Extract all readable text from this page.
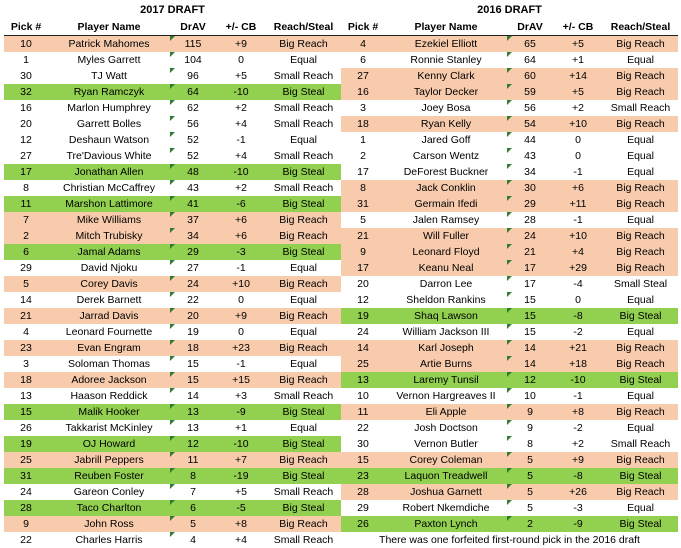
2017 DRAFT
Pick #	Player Name	DrAV	+/- CB	Reach/Steal
10	Patrick Mahomes	115	+9	Big Reach
1	Myles Garrett	104	0	Equal
30	TJ Watt	96	+5	Small Reach
32	Ryan Ramczyk	64	-10	Big Steal
16	Marlon Humphrey	62	+2	Small Reach
20	Garrett Bolles	56	+4	Small Reach
12	Deshaun Watson	52	-1	Equal
27	Tre'Davious White	52	+4	Small Reach
17	Jonathan Allen	48	-10	Big Steal
8	Christian McCaffrey	43	+2	Small Reach
11	Marshon Lattimore	41	-6	Big Steal
7	Mike Williams	37	+6	Big Reach
2	Mitch Trubisky	34	+6	Big Reach
6	Jamal Adams	29	-3	Big Steal
29	David Njoku	27	-1	Equal
5	Corey Davis	24	+10	Big Reach
14	Derek Barnett	22	0	Equal
21	Jarrad Davis	20	+9	Big Reach
4	Leonard Fournette	19	0	Equal
23	Evan Engram	18	+23	Big Reach
3	Soloman Thomas	15	-1	Equal
18	Adoree Jackson	15	+15	Big Reach
13	Haason Reddick	14	+3	Small Reach
15	Malik Hooker	13	-9	Big Steal
26	Takkarist McKinley	13	+1	Equal
19	OJ Howard	12	-10	Big Steal
25	Jabrill Peppers	11	+7	Big Reach
31	Reuben Foster	8	-19	Big Steal
24	Gareon Conley	7	+5	Small Reach
28	Taco Charlton	6	-5	Big Steal
9	John Ross	5	+8	Big Reach
22	Charles Harris	4	+4	Small Reach
2016 DRAFT
Pick #	Player Name	DrAV	+/- CB	Reach/Steal
4	Ezekiel Elliott	65	+5	Big Reach
6	Ronnie Stanley	64	+1	Equal
27	Kenny Clark	60	+14	Big Reach
16	Taylor Decker	59	+5	Big Reach
3	Joey Bosa	56	+2	Small Reach
18	Ryan Kelly	54	+10	Big Reach
1	Jared Goff	44	0	Equal
2	Carson Wentz	43	0	Equal
17	DeForest Buckner	34	-1	Equal
8	Jack Conklin	30	+6	Big Reach
31	Germain Ifedi	29	+11	Big Reach
5	Jalen Ramsey	28	-1	Equal
21	Will Fuller	24	+10	Big Reach
9	Leonard Floyd	21	+4	Big Reach
17	Keanu Neal	17	+29	Big Reach
20	Darron Lee	17	-4	Small Steal
12	Sheldon Rankins	15	0	Equal
19	Shaq Lawson	15	-8	Big Steal
24	William Jackson III	15	-2	Equal
14	Karl Joseph	14	+21	Big Reach
25	Artie Burns	14	+18	Big Reach
13	Laremy Tunsil	12	-10	Big Steal
10	Vernon Hargreaves II	10	-1	Equal
11	Eli Apple	9	+8	Big Reach
22	Josh Doctson	9	-2	Equal
30	Vernon Butler	8	+2	Small Reach
15	Corey Coleman	5	+9	Big Reach
23	Laquon Treadwell	5	-8	Big Steal
28	Joshua Garnett	5	+26	Big Reach
29	Robert Nkemdiche	5	-3	Equal
26	Paxton Lynch	2	-9	Big Steal
There was one forfeited first-round pick in the 2016 draft
